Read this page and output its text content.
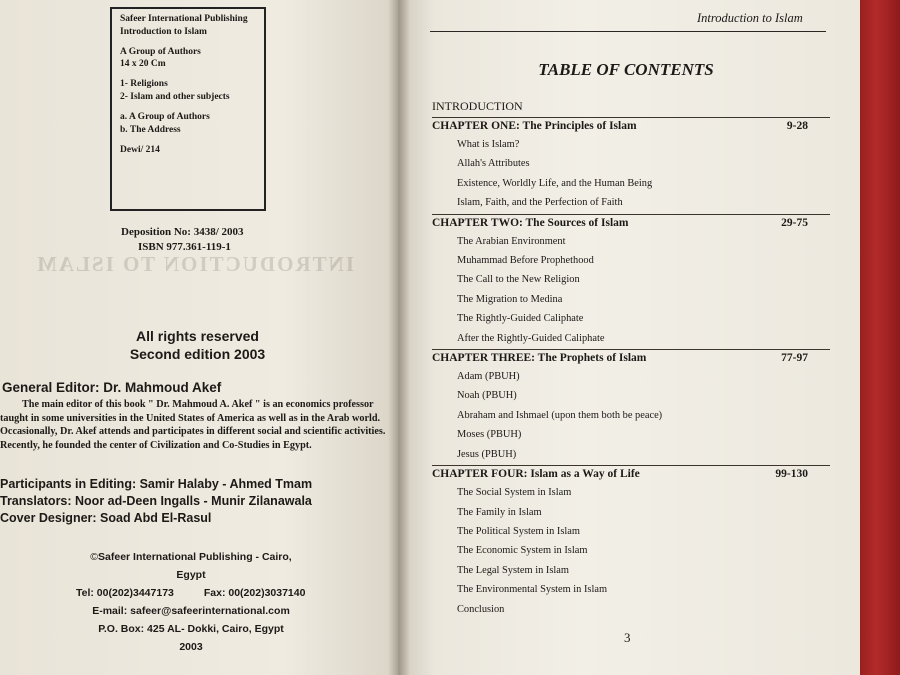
INTRODUCTION TO ISLAM
Safeer International Publishing
Introduction to Islam
A Group of Authors
14 x 20 Cm
1- Religions
2- Islam and other subjects
a. A Group of Authors
b. The Address
Dewi/ 214
Deposition No: 3438/ 2003
ISBN 977.361-119-1
All rights reserved
Second edition 2003
General Editor: Dr. Mahmoud Akef
The main editor of this book " Dr. Mahmoud A. Akef " is an economics professor
taught in some universities in the United States of America as well as in the Arab world.
Occasionally, Dr. Akef attends and participates in different social and scientific activities.
Recently, he founded the center of Civilization and Co-Studies in Egypt.
Participants in Editing: Samir Halaby - Ahmed Tmam
Translators: Noor ad-Deen Ingalls - Munir Zilanawala
Cover Designer: Soad Abd El-Rasul
©Safeer International Publishing - Cairo, Egypt
Tel: 00(202)3447173	Fax: 00(202)3037140
E-mail: safeer@safeerinternational.com
P.O. Box: 425 AL- Dokki, Cairo, Egypt
2003
Introduction to Islam
TABLE OF CONTENTS
INTRODUCTION
CHAPTER ONE: The Principles of Islam	9-28
What is Islam?
Allah's Attributes
Existence, Worldly Life, and the Human Being
Islam, Faith, and the Perfection of Faith
CHAPTER TWO: The Sources of Islam	29-75
The Arabian Environment
Muhammad Before Prophethood
The Call to the New Religion
The Migration to Medina
The Rightly-Guided Caliphate
After the Rightly-Guided Caliphate
CHAPTER THREE: The Prophets of Islam	77-97
Adam (PBUH)
Noah (PBUH)
Abraham and Ishmael (upon them both be peace)
Moses (PBUH)
Jesus (PBUH)
CHAPTER FOUR: Islam as a Way of Life	99-130
The Social System in Islam
The Family in Islam
The Political System in Islam
The Economic System in Islam
The Legal System in Islam
The Environmental System in Islam
Conclusion
3
